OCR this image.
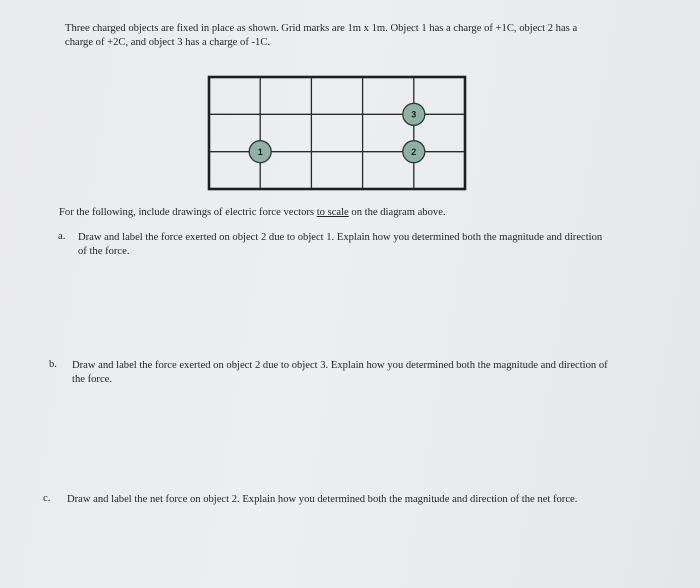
Three charged objects are fixed in place as shown. Grid marks are 1m x 1m. Object 1 has a charge of +1C, object 2 has a charge of +2C, and object 3 has a charge of -1C.
1	2
3
For the following, include drawings of electric force vectors to scale on the diagram above.
a. Draw and label the force exerted on object 2 due to object 1. Explain how you determined both the magnitude and direction of the force.
b. Draw and label the force exerted on object 2 due to object 3. Explain how you determined both the magnitude and direction of the force.
c. Draw and label the net force on object 2. Explain how you determined both the magnitude and direction of the net force.
